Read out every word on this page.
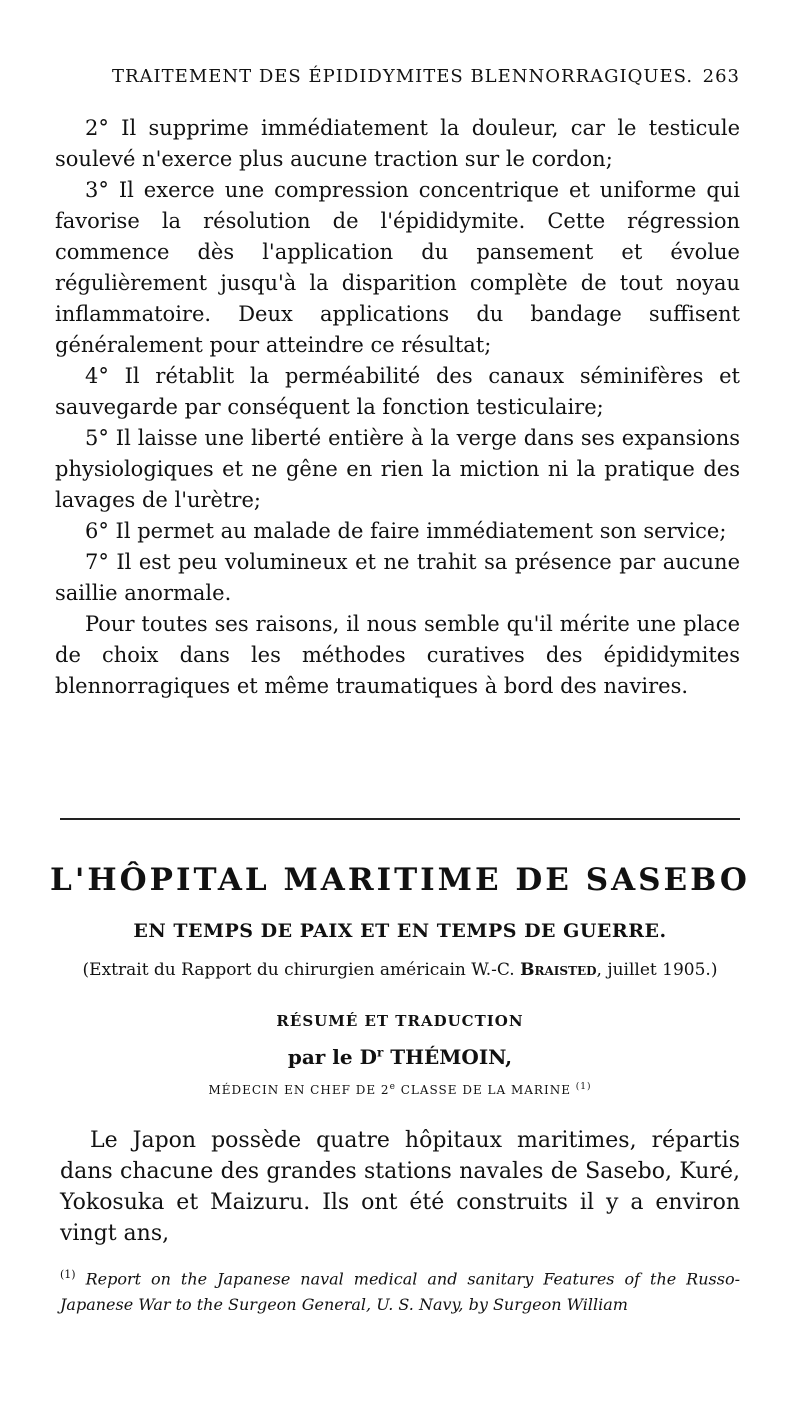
TRAITEMENT DES ÉPIDIDYMITES BLENNORRAGIQUES. 263

2° Il supprime immédiatement la douleur, car le testicule soulevé n'exerce plus aucune traction sur le cordon;

3° Il exerce une compression concentrique et uniforme qui favorise la résolution de l'épididymite. Cette régression commence dès l'application du pansement et évolue régulièrement jusqu'à la disparition complète de tout noyau inflammatoire. Deux applications du bandage suffisent généralement pour atteindre ce résultat;

4° Il rétablit la perméabilité des canaux séminifères et sauvegarde par conséquent la fonction testiculaire;

5° Il laisse une liberté entière à la verge dans ses expansions physiologiques et ne gêne en rien la miction ni la pratique des lavages de l'urètre;

6° Il permet au malade de faire immédiatement son service;

7° Il est peu volumineux et ne trahit sa présence par aucune saillie anormale.

Pour toutes ses raisons, il nous semble qu'il mérite une place de choix dans les méthodes curatives des épididymites blennorragiques et même traumatiques à bord des navires.

L'HÔPITAL MARITIME DE SASEBO
EN TEMPS DE PAIX ET EN TEMPS DE GUERRE.
(Extrait du Rapport du chirurgien américain W.-C. Braisted, juillet 1905.)
RÉSUMÉ ET TRADUCTION
par le $D^r$ THÉMOIN,
MÉDECIN EN CHEF DE 2e CLASSE DE LA MARINE $^{(1)}$

Le Japon possède quatre hôpitaux maritimes, répartis dans chacune des grandes stations navales de Sasebo, Kuré, Yokosuka et Maizuru. Ils ont été construits il y a environ vingt ans,

$^{(1)}$ Report on the Japanese naval medical and sanitary Features of the Russo-Japanese War to the Surgeon General, U. S. Navy, by Surgeon William
